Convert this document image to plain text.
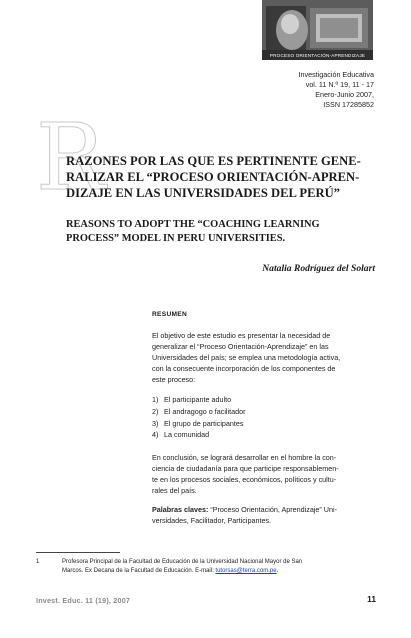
PROCESO ORIENTACIÓN-APRENDIZAJE
Investigación Educativa
vol. 11 N.º 19, 11 - 17
Enero-Junio 2007,
ISSN 17285852
R
RAZONES POR LAS QUE ES PERTINENTE GENE-
RALIZAR EL “PROCESO ORIENTACIÓN-APREN-
DIZAJE EN LAS UNIVERSIDADES DEL PERÚ”
REASONS TO ADOPT THE “COACHING LEARNING
PROCESS” MODEL IN PERU UNIVERSITIES.
Natalia Rodríguez del Solart
RESUMEN
El objetivo de este estudio es presentar la necesidad de
generalizar el “Proceso Orientación-Aprendizaje” en las
Universidades del país; se emplea una metodología activa,
con la consecuente incorporación de los componentes de
este proceso:
1) El participante adulto
2) El andragogo o facilitador
3) El grupo de participantes
4) La comunidad
En conclusión, se logrará desarrollar en el hombre la con-
ciencia de ciudadanía para que participe responsablemen-
te en los procesos sociales, económicos, políticos y cultu-
rales del país.
Palabras claves: “Proceso Orientación, Aprendizaje” Uni-
versidades, Facilitador, Participantes.
1	Profesora Principal de la Facultad de Educación de la Universidad Nacional Mayor de San
Marcos. Ex Decana de la Facultad de Educación. E-mail: tutorsas@terra.com.pe.
Invest. Educ. 11 (19), 2007	11
